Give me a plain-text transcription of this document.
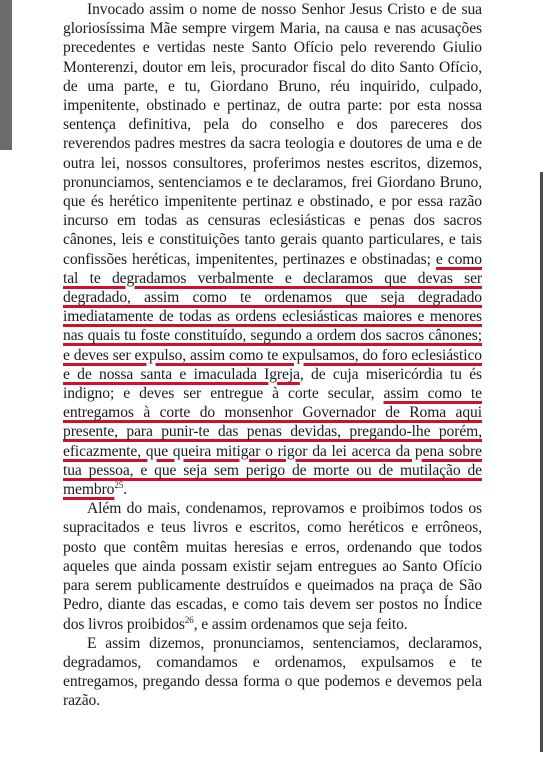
Invocado assim o nome de nosso Senhor Jesus Cristo e de sua gloriosíssima Mãe sempre virgem Maria, na causa e nas acusações precedentes e vertidas neste Santo Ofício pelo reverendo Giulio Monterenzi, doutor em leis, procurador fiscal do dito Santo Ofício, de uma parte, e tu, Giordano Bruno, réu inquirido, culpado, impenitente, obstinado e pertinaz, de outra parte: por esta nossa sentença definitiva, pela do conselho e dos pareceres dos reverendos padres mestres da sacra teologia e doutores de uma e de outra lei, nossos consultores, proferimos nestes escritos, dizemos, pronunciamos, sentenciamos e te declaramos, frei Giordano Bruno, que és herético impenitente pertinaz e obstinado, e por essa razão incurso em todas as censuras eclesiásticas e penas dos sacros cânones, leis e constituições tanto gerais quanto particulares, e tais confissões heréticas, impenitentes, pertinazes e obstinadas; e como tal te degradamos verbalmente e declaramos que devas ser degradado, assim como te ordenamos que seja degradado imediatamente de todas as ordens eclesiásticas maiores e menores nas quais tu foste constituído, segundo a ordem dos sacros cânones; e deves ser expulso, assim como te expulsamos, do foro eclesiástico e de nossa santa e imaculada Igreja, de cuja misericórdia tu és indigno; e deves ser entregue à corte secular, assim como te entregamos à corte do monsenhor Governador de Roma aqui presente, para punir-te das penas devidas, pregando-lhe porém, eficazmente, que queira mitigar o rigor da lei acerca da pena sobre tua pessoa, e que seja sem perigo de morte ou de mutilação de membro$^{25}$.

Além do mais, condenamos, reprovamos e proibimos todos os supracitados e teus livros e escritos, como heréticos e errôneos, posto que contêm muitas heresias e erros, ordenando que todos aqueles que ainda possam existir sejam entregues ao Santo Ofício para serem publicamente destruídos e queimados na praça de São Pedro, diante das escadas, e como tais devem ser postos no Índice dos livros proibidos$^{26}$, e assim ordenamos que seja feito.

E assim dizemos, pronunciamos, sentenciamos, declaramos, degradamos, comandamos e ordenamos, expulsamos e te entregamos, pregando dessa forma o que podemos e devemos pela razão.
